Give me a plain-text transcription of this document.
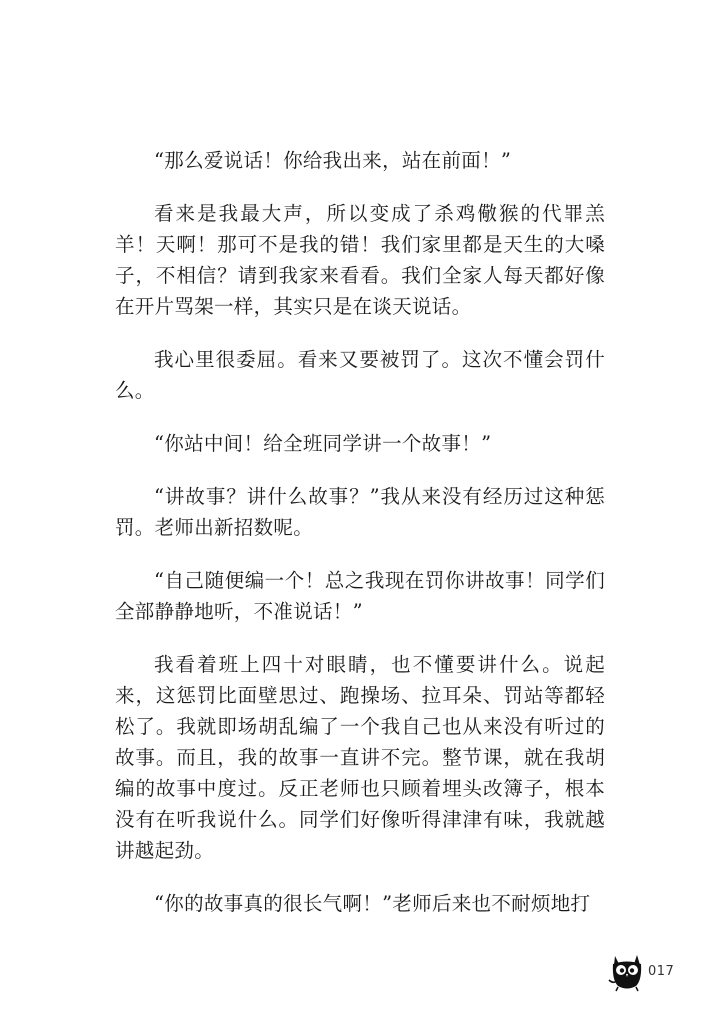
“那么爱说话！你给我出来，站在前面！”

看来是我最大声，所以变成了杀鸡儆猴的代罪羔羊！天啊！那可不是我的错！我们家里都是天生的大嗓子，不相信？请到我家来看看。我们全家人每天都好像在开片骂架一样，其实只是在谈天说话。

我心里很委屈。看来又要被罚了。这次不懂会罚什么。

“你站中间！给全班同学讲一个故事！”

“讲故事？讲什么故事？”我从来没有经历过这种惩罚。老师出新招数呢。

“自己随便编一个！总之我现在罚你讲故事！同学们全部静静地听，不准说话！”

我看着班上四十对眼睛，也不懂要讲什么。说起来，这惩罚比面壁思过、跑操场、拉耳朵、罚站等都轻松了。我就即场胡乱编了一个我自己也从来没有听过的故事。而且，我的故事一直讲不完。整节课，就在我胡编的故事中度过。反正老师也只顾着埋头改簿子，根本没有在听我说什么。同学们好像听得津津有味，我就越讲越起劲。

“你的故事真的很长气啊！”老师后来也不耐烦地打

017
